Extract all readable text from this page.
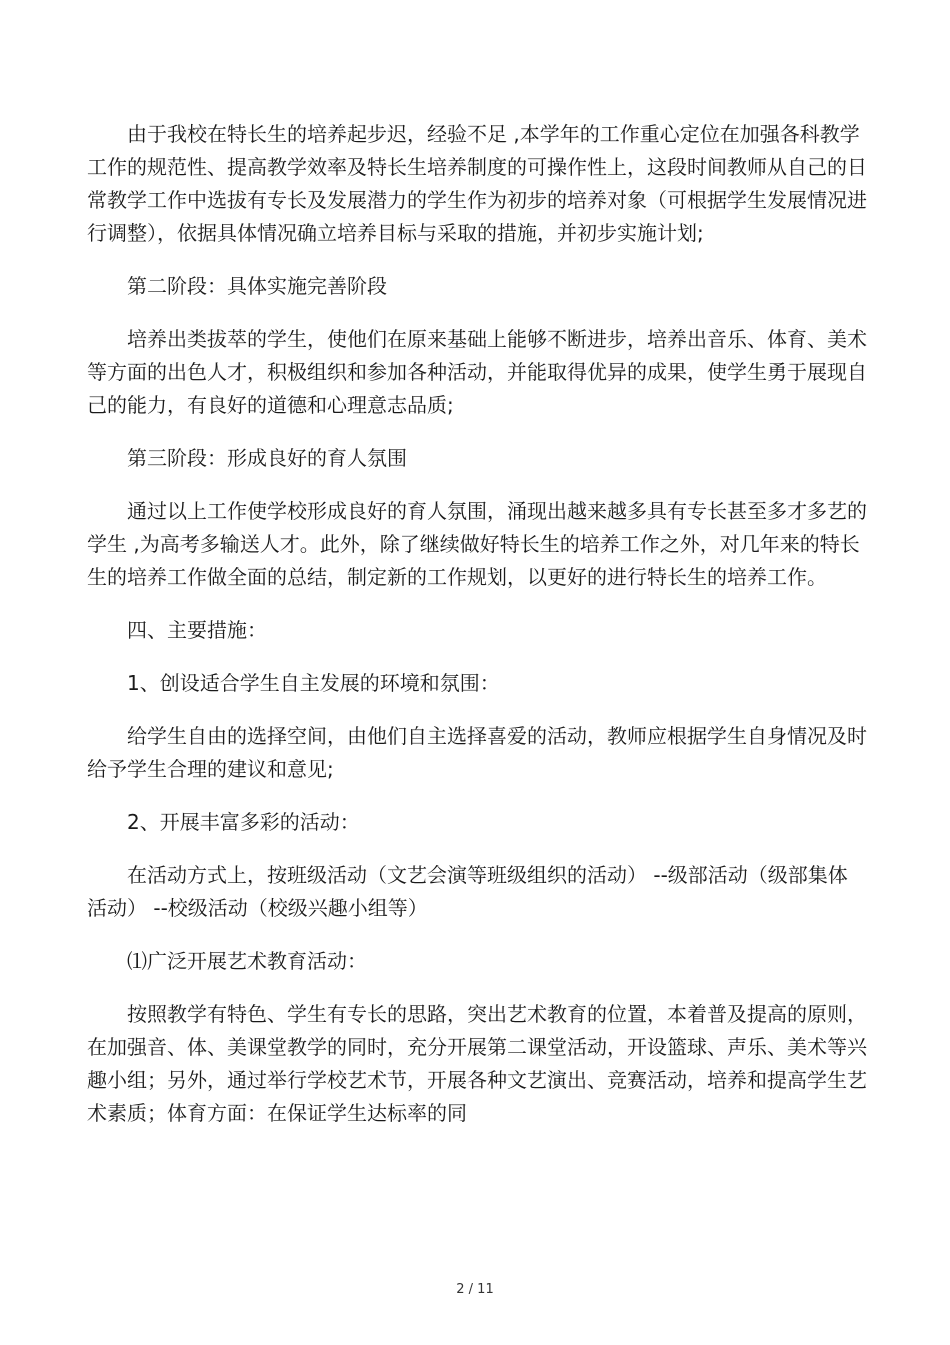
由于我校在特长生的培养起步迟，经验不足 ,本学年的工作重心定位在加强各科教学工作的规范性、提高教学效率及特长生培养制度的可操作性上，这段时间教师从自己的日常教学工作中选拔有专长及发展潜力的学生作为初步的培养对象（可根据学生发展情况进行调整），依据具体情况确立培养目标与采取的措施，并初步实施计划;

第二阶段：具体实施完善阶段

培养出类拔萃的学生，使他们在原来基础上能够不断进步，培养出音乐、体育、美术等方面的出色人才，积极组织和参加各种活动，并能取得优异的成果，使学生勇于展现自己的能力，有良好的道德和心理意志品质;

第三阶段：形成良好的育人氛围

通过以上工作使学校形成良好的育人氛围，涌现出越来越多具有专长甚至多才多艺的学生 ,为高考多输送人才。此外，除了继续做好特长生的培养工作之外，对几年来的特长生的培养工作做全面的总结，制定新的工作规划，以更好的进行特长生的培养工作。

四、主要措施：

1、创设适合学生自主发展的环境和氛围：

给学生自由的选择空间，由他们自主选择喜爱的活动，教师应根据学生自身情况及时给予学生合理的建议和意见;

2、开展丰富多彩的活动：

在活动方式上，按班级活动（文艺会演等班级组织的活动） --级部活动（级部集体活动） --校级活动（校级兴趣小组等）

⑴广泛开展艺术教育活动：

按照教学有特色、学生有专长的思路，突出艺术教育的位置，本着普及提高的原则，在加强音、体、美课堂教学的同时，充分开展第二课堂活动，开设篮球、声乐、美术等兴趣小组；另外，通过举行学校艺术节，开展各种文艺演出、竞赛活动，培养和提高学生艺术素质；体育方面：在保证学生达标率的同

2 / 11
